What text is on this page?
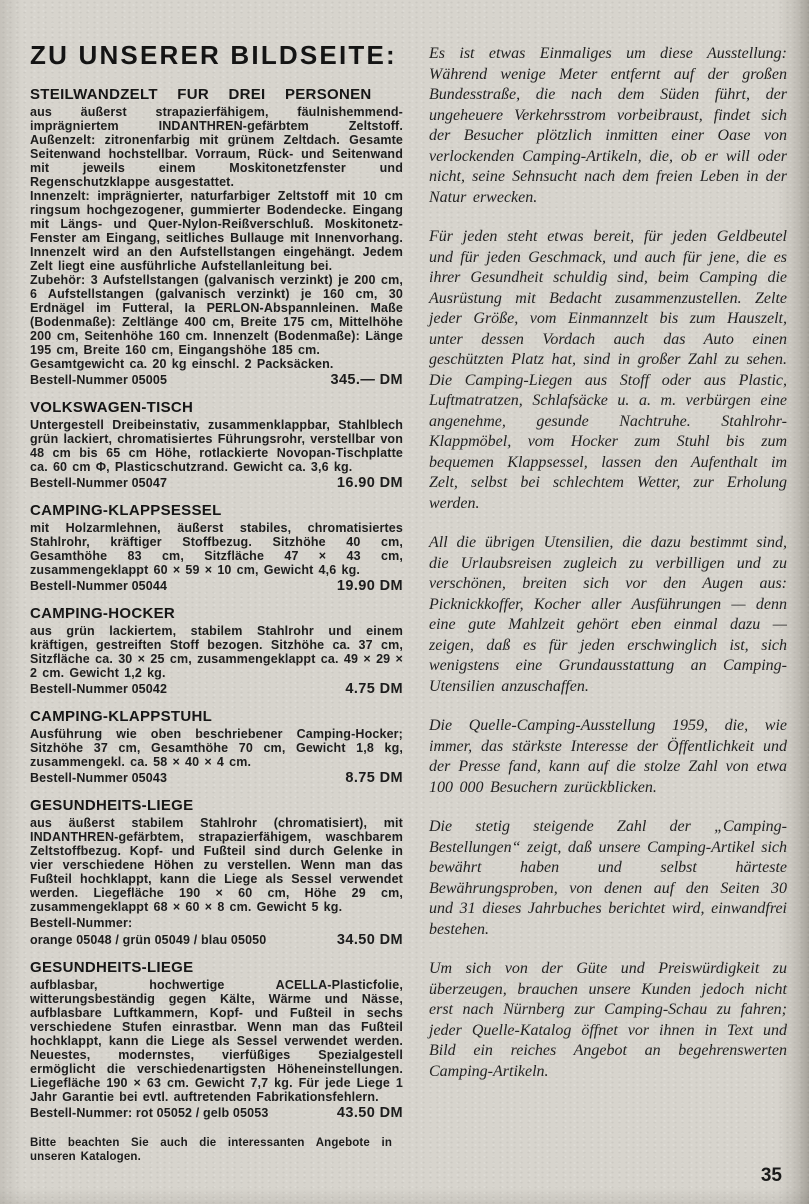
ZU UNSERER BILDSEITE:
STEILWANDZELT FUR DREI PERSONEN

aus äußerst strapazierfähigem, fäulnishemmend-imprägniertem INDANTHREN-gefärbtem Zeltstoff. Außenzelt: zitronenfarbig mit grünem Zeltdach. Gesamte Seitenwand hochstellbar. Vorraum, Rück- und Seitenwand mit jeweils einem Moskitonetzfenster und Regenschutzklappe ausgestattet.

Innenzelt: imprägnierter, naturfarbiger Zeltstoff mit 10 cm ringsum hochgezogener, gummierter Bodendecke. Eingang mit Längs- und Quer-Nylon-Reißverschluß. Moskitonetz-Fenster am Eingang, seitliches Bullauge mit Innenvorhang. Innenzelt wird an den Aufstellstangen eingehängt. Jedem Zelt liegt eine ausführliche Aufstellanleitung bei.

Zubehör: 3 Aufstellstangen (galvanisch verzinkt) je 200 cm, 6 Aufstellstangen (galvanisch verzinkt) je 160 cm, 30 Erdnägel im Futteral, Ia PERLON-Abspannleinen. Maße (Bodenmaße): Zeltlänge 400 cm, Breite 175 cm, Mittelhöhe 200 cm, Seitenhöhe 160 cm. Innenzelt (Bodenmaße): Länge 195 cm, Breite 160 cm, Eingangshöhe 185 cm.

Gesamtgewicht ca. 20 kg einschl. 2 Packsäcken.

Bestell-Nummer 05005	345.— DM
VOLKSWAGEN-TISCH

Untergestell Dreibeinstativ, zusammenklappbar, Stahlblech grün lackiert, chromatisiertes Führungsrohr, verstellbar von 48 cm bis 65 cm Höhe, rotlackierte Novopan-Tischplatte ca. 60 cm Φ, Plasticschutzrand. Gewicht ca. 3,6 kg.

Bestell-Nummer 05047	16.90 DM
CAMPING-KLAPPSESSEL

mit Holzarmlehnen, äußerst stabiles, chromatisiertes Stahlrohr, kräftiger Stoffbezug. Sitzhöhe 40 cm, Gesamthöhe 83 cm, Sitzfläche 47 × 43 cm, zusammengeklappt 60 × 59 × 10 cm, Gewicht 4,6 kg.

Bestell-Nummer 05044	19.90 DM
CAMPING-HOCKER

aus grün lackiertem, stabilem Stahlrohr und einem kräftigen, gestreiften Stoff bezogen. Sitzhöhe ca. 37 cm, Sitzfläche ca. 30 × 25 cm, zusammengeklappt ca. 49 × 29 × 2 cm. Gewicht 1,2 kg.

Bestell-Nummer 05042	4.75 DM
CAMPING-KLAPPSTUHL

Ausführung wie oben beschriebener Camping-Hocker; Sitzhöhe 37 cm, Gesamthöhe 70 cm, Gewicht 1,8 kg, zusammengekl. ca. 58 × 40 × 4 cm.

Bestell-Nummer 05043	8.75 DM
GESUNDHEITS-LIEGE

aus äußerst stabilem Stahlrohr (chromatisiert), mit INDANTHREN-gefärbtem, strapazierfähigem, waschbarem Zeltstoffbezug. Kopf- und Fußteil sind durch Gelenke in vier verschiedene Höhen zu verstellen. Wenn man das Fußteil hochklappt, kann die Liege als Sessel verwendet werden. Liegefläche 190 × 60 cm, Höhe 29 cm, zusammengeklappt 68 × 60 × 8 cm. Gewicht 5 kg.

Bestell-Nummer:
orange 05048 / grün 05049 / blau 05050	34.50 DM
GESUNDHEITS-LIEGE

aufblasbar, hochwertige ACELLA-Plasticfolie, witterungsbeständig gegen Kälte, Wärme und Nässe, aufblasbare Luftkammern, Kopf- und Fußteil in sechs verschiedene Stufen einrastbar. Wenn man das Fußteil hochklappt, kann die Liege als Sessel verwendet werden. Neuestes, modernstes, vierfüßiges Spezialgestell ermöglicht die verschiedenartigsten Höheneinstellungen. Liegefläche 190 × 63 cm. Gewicht 7,7 kg. Für jede Liege 1 Jahr Garantie bei evtl. auftretenden Fabrikationsfehlern.

Bestell-Nummer: rot 05052 / gelb 05053	43.50 DM

Bitte beachten Sie auch die interessanten Angebote in unseren Katalogen.

Es ist etwas Einmaliges um diese Ausstellung: Während wenige Meter entfernt auf der großen Bundesstraße, die nach dem Süden führt, der ungeheuere Verkehrsstrom vorbeibraust, findet sich der Besucher plötzlich inmitten einer Oase von verlockenden Camping-Artikeln, die, ob er will oder nicht, seine Sehnsucht nach dem freien Leben in der Natur erwecken.

Für jeden steht etwas bereit, für jeden Geldbeutel und für jeden Geschmack, und auch für jene, die es ihrer Gesundheit schuldig sind, beim Camping die Ausrüstung mit Bedacht zusammenzustellen. Zelte jeder Größe, vom Einmannzelt bis zum Hauszelt, unter dessen Vordach auch das Auto einen geschützten Platz hat, sind in großer Zahl zu sehen. Die Camping-Liegen aus Stoff oder aus Plastic, Luftmatratzen, Schlafsäcke u. a. m. verbürgen eine angenehme, gesunde Nachtruhe. Stahlrohr-Klappmöbel, vom Hocker zum Stuhl bis zum bequemen Klappsessel, lassen den Aufenthalt im Zelt, selbst bei schlechtem Wetter, zur Erholung werden.

All die übrigen Utensilien, die dazu bestimmt sind, die Urlaubsreisen zugleich zu verbilligen und zu verschönen, breiten sich vor den Augen aus: Picknickkoffer, Kocher aller Ausführungen — denn eine gute Mahlzeit gehört eben einmal dazu — zeigen, daß es für jeden erschwinglich ist, sich wenigstens eine Grundausstattung an Camping-Utensilien anzuschaffen.

Die Quelle-Camping-Ausstellung 1959, die, wie immer, das stärkste Interesse der Öffentlichkeit und der Presse fand, kann auf die stolze Zahl von etwa 100 000 Besuchern zurückblicken.

Die stetig steigende Zahl der „Camping-Bestellungen“ zeigt, daß unsere Camping-Artikel sich bewährt haben und selbst härteste Bewährungsproben, von denen auf den Seiten 30 und 31 dieses Jahrbuches berichtet wird, einwandfrei bestehen.

Um sich von der Güte und Preiswürdigkeit zu überzeugen, brauchen unsere Kunden jedoch nicht erst nach Nürnberg zur Camping-Schau zu fahren; jeder Quelle-Katalog öffnet vor ihnen in Text und Bild ein reiches Angebot an begehrenswerten Camping-Artikeln.

35
